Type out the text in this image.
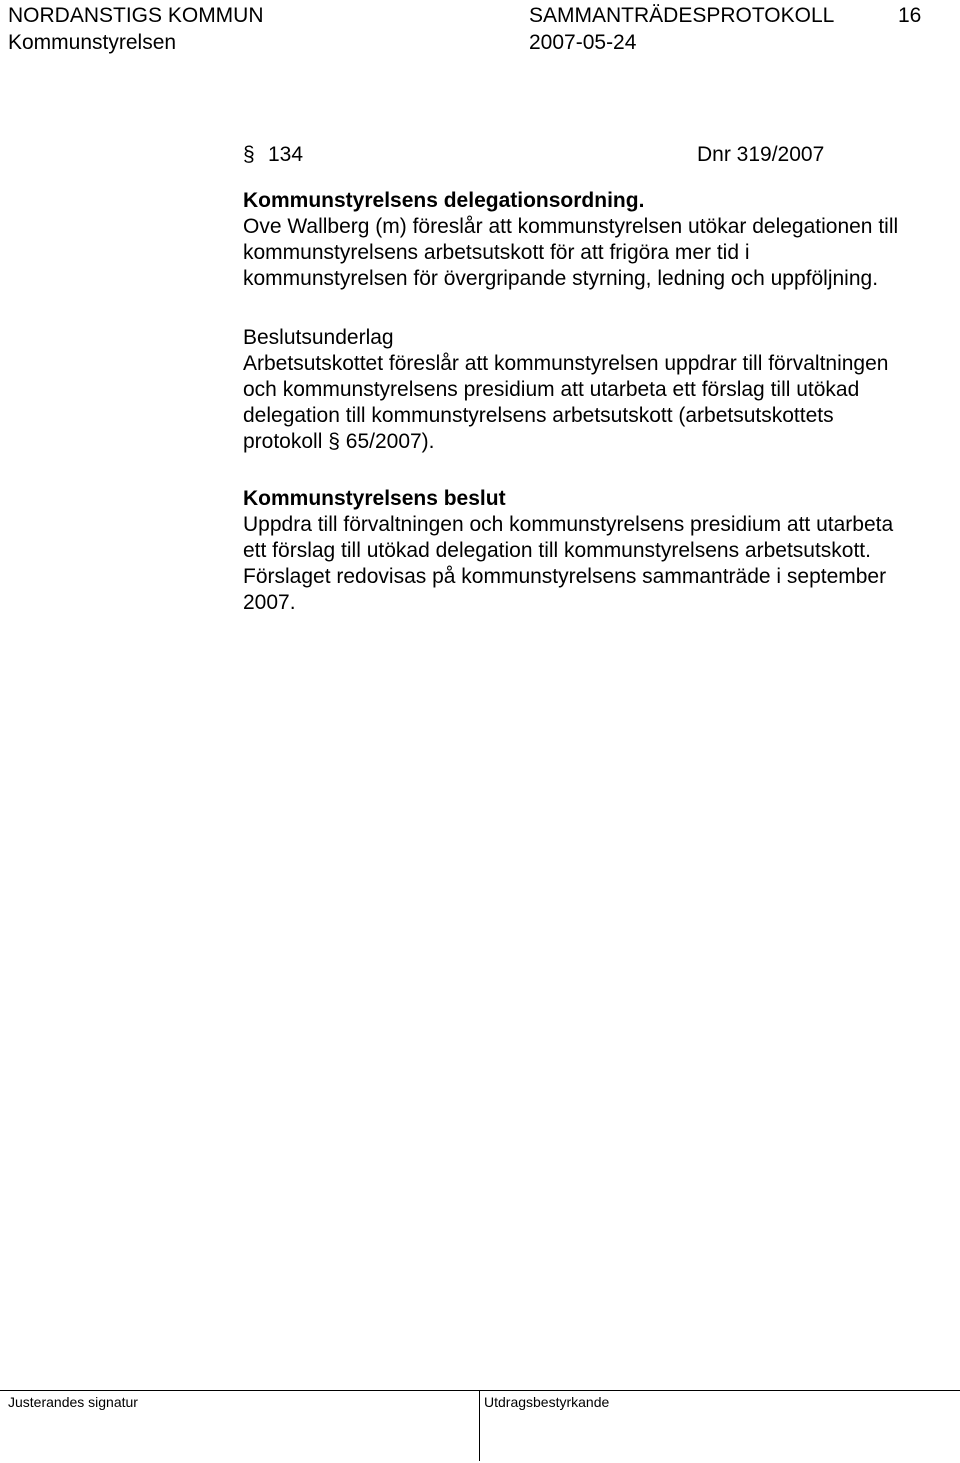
NORDANSTIGS KOMMUN	SAMMANTRÄDESPROTOKOLL	16
Kommunstyrelsen	2007-05-24
§ 134	Dnr 319/2007
Kommunstyrelsens delegationsordning.
Ove Wallberg (m) föreslår att kommunstyrelsen utökar delegationen till
kommunstyrelsens arbetsutskott för att frigöra mer tid i
kommunstyrelsen för övergripande styrning, ledning och uppföljning.
Beslutsunderlag
Arbetsutskottet föreslår att kommunstyrelsen uppdrar till förvaltningen
och kommunstyrelsens presidium att utarbeta ett förslag till utökad
delegation till kommunstyrelsens arbetsutskott (arbetsutskottets
protokoll § 65/2007).
Kommunstyrelsens beslut
Uppdra till förvaltningen och kommunstyrelsens presidium att utarbeta
ett förslag till utökad delegation till kommunstyrelsens arbetsutskott.
Förslaget redovisas på kommunstyrelsens sammanträde i september
2007.
Justerandes signatur	Utdragsbestyrkande
